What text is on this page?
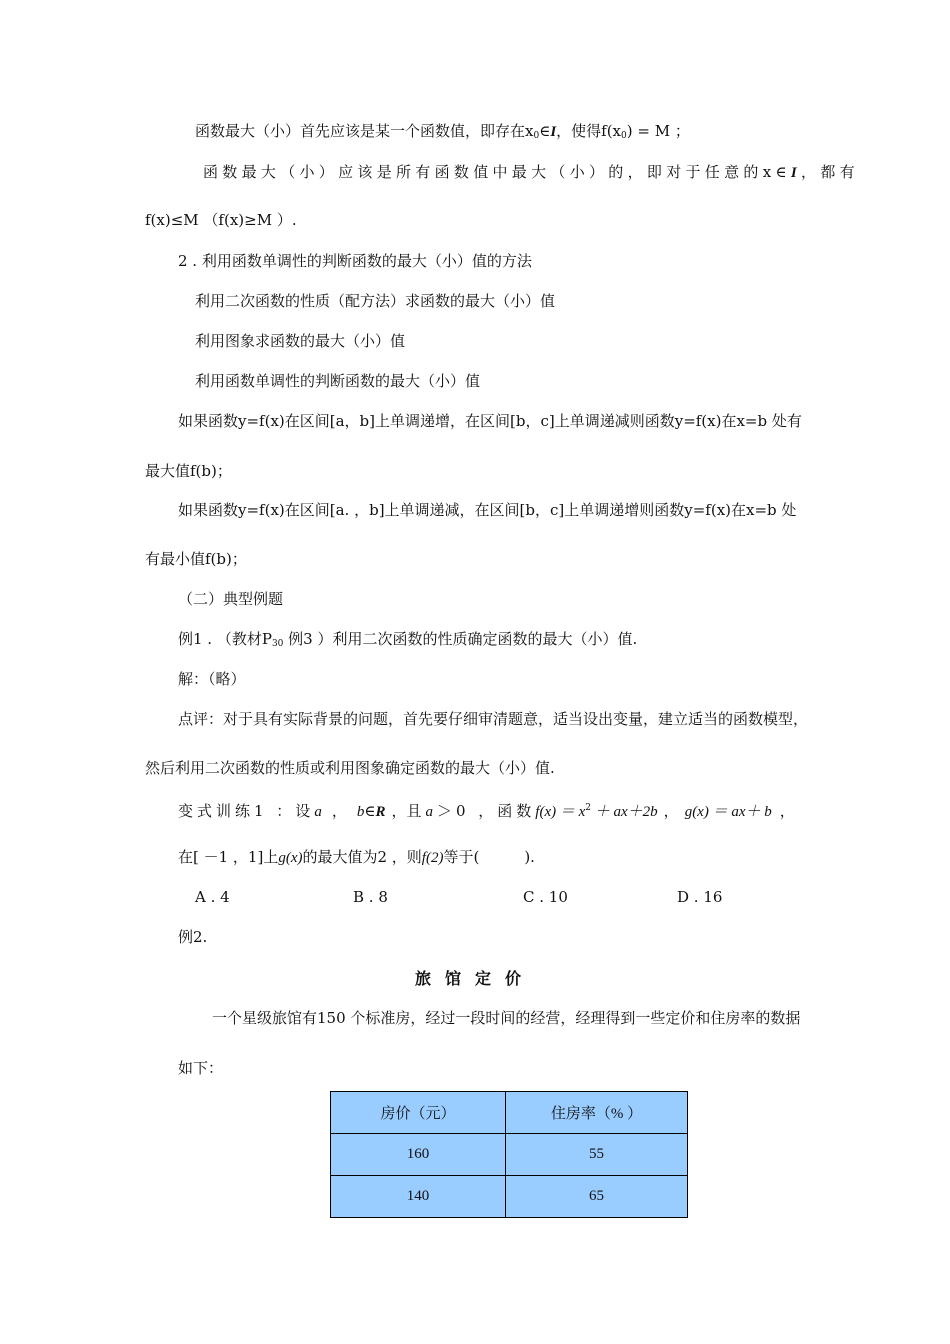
函数最大（小）首先应该是某一个函数值，即存在$x_0\in I$，使得$f(x_0) = M$ ；
函数最大（小）应该是所有函数值中最大（小）的，即对于任意的x∈I，都有
f(x)≤M （f(x)≥M ）.
2 . 利用函数单调性的判断函数的最大（小）值的方法
利用二次函数的性质（配方法）求函数的最大（小）值
利用图象求函数的最大（小）值
利用函数单调性的判断函数的最大（小）值
如果函数y=f(x)在区间[a，b]上单调递增，在区间[b，c]上单调递减则函数y=f(x)在x=b 处有
最大值f(b)；
如果函数y=f(x)在区间[a. ，b]上单调递减，在区间[b，c]上单调递增则函数y=f(x)在x=b 处
有最小值f(b)；
（二）典型例题
例1 . （教材$P_{30}$ 例3 ）利用二次函数的性质确定函数的最大（小）值.
解：（略）
点评：对于具有实际背景的问题，首先要仔细审清题意，适当设出变量，建立适当的函数模型，
然后利用二次函数的性质或利用图象确定函数的最大（小）值.
变式训练1 ：设a ， b∈R ，且 a ＞0 ，函数$f(x) = x^2 + ax+2b$ ， g(x) ＝ ax＋ b ，
在[ －1 ，1]上g(x)的最大值为2 ，则f(2)等于(　　　).
A . 4	B . 8	C . 10	D . 16
例2.
旅馆定价
一个星级旅馆有150 个标准房，经过一段时间的经营，经理得到一些定价和住房率的数据
如下：
房价（元）	住房率（% ）
160	55
140	65
